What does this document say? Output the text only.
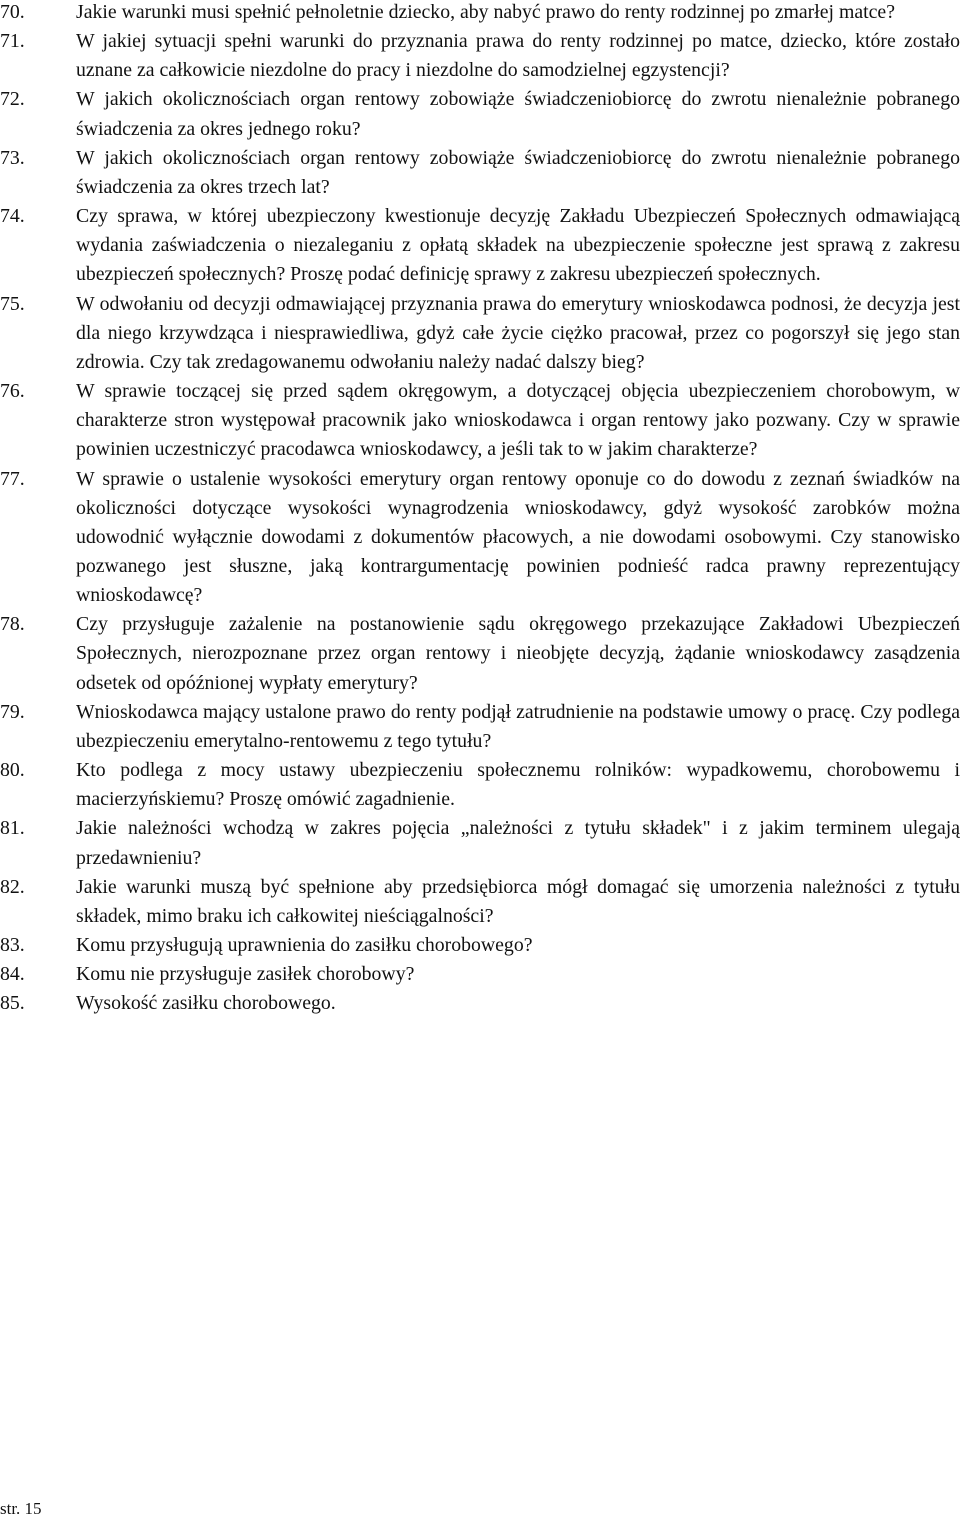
70.	Jakie warunki musi spełnić pełnoletnie dziecko, aby nabyć prawo do renty rodzinnej po zmarłej matce?
71.	W jakiej sytuacji spełni warunki do przyznania prawa do renty rodzinnej po matce, dziecko, które zostało uznane za całkowicie niezdolne do pracy i niezdolne do samodzielnej egzystencji?
72.	W jakich okolicznościach organ rentowy zobowiąże świadczeniobiorcę do zwrotu nienależnie pobranego świadczenia za okres jednego roku?
73.	W jakich okolicznościach organ rentowy zobowiąże świadczeniobiorcę do zwrotu nienależnie pobranego świadczenia za okres trzech lat?
74.	Czy sprawa, w której ubezpieczony kwestionuje decyzję Zakładu Ubezpieczeń Społecznych odmawiającą wydania zaświadczenia o niezaleganiu z opłatą składek na ubezpieczenie społeczne jest sprawą z zakresu ubezpieczeń społecznych? Proszę podać definicję sprawy z zakresu ubezpieczeń społecznych.
75.	W odwołaniu od decyzji odmawiającej przyznania prawa do emerytury wnioskodawca podnosi, że decyzja jest dla niego krzywdząca i niesprawiedliwa, gdyż całe życie ciężko pracował, przez co pogorszył się jego stan zdrowia. Czy tak zredagowanemu odwołaniu należy nadać dalszy bieg?
76.	W sprawie toczącej się przed sądem okręgowym, a dotyczącej objęcia ubezpieczeniem chorobowym, w charakterze stron występował pracownik jako wnioskodawca i organ rentowy jako pozwany. Czy w sprawie powinien uczestniczyć pracodawca wnioskodawcy, a jeśli tak to w jakim charakterze?
77.	W sprawie o ustalenie wysokości emerytury organ rentowy oponuje co do dowodu z zeznań świadków na okoliczności dotyczące wysokości wynagrodzenia wnioskodawcy, gdyż wysokość zarobków można udowodnić wyłącznie dowodami z dokumentów płacowych, a nie dowodami osobowymi. Czy stanowisko pozwanego jest słuszne, jaką kontrargumentację powinien podnieść radca prawny reprezentujący wnioskodawcę?
78.	Czy przysługuje zażalenie na postanowienie sądu okręgowego przekazujące Zakładowi Ubezpieczeń Społecznych, nierozpoznane przez organ rentowy i nieobjęte decyzją, żądanie wnioskodawcy zasądzenia odsetek od opóźnionej wypłaty emerytury?
79.	Wnioskodawca mający ustalone prawo do renty podjął zatrudnienie na podstawie umowy o pracę. Czy podlega ubezpieczeniu emerytalno-rentowemu z tego tytułu?
80.	Kto podlega z mocy ustawy ubezpieczeniu społecznemu rolników: wypadkowemu, chorobowemu i macierzyńskiemu? Proszę omówić zagadnienie.
81.	Jakie należności wchodzą w zakres pojęcia „należności z tytułu składek" i z jakim terminem ulegają przedawnieniu?
82.	Jakie warunki muszą być spełnione aby przedsiębiorca mógł domagać się umorzenia należności z tytułu składek, mimo braku ich całkowitej nieściągalności?
83.	Komu przysługują uprawnienia do zasiłku chorobowego?
84.	Komu nie przysługuje zasiłek chorobowy?
85.	Wysokość zasiłku chorobowego.
str. 15
